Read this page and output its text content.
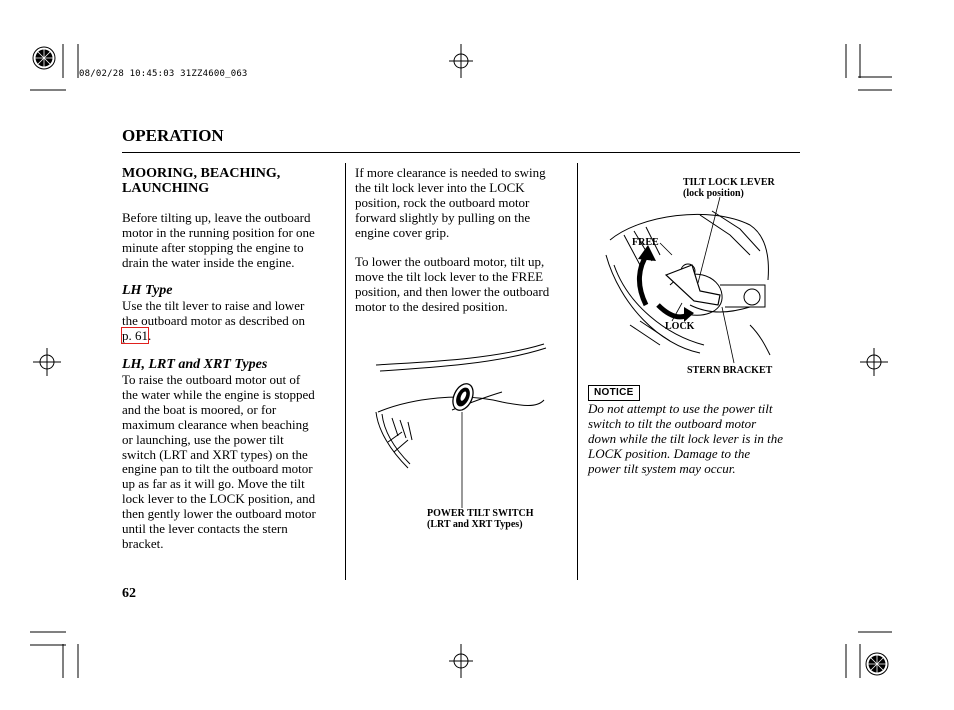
08/02/28 10:45:03 31ZZ4600_063
OPERATION
MOORING, BEACHING,
LAUNCHING
Before tilting up, leave the outboard
motor in the running position for one
minute after stopping the engine to
drain the water inside the engine.
LH Type
Use the tilt lever to raise and lower
the outboard motor as described on
p. 61.
LH, LRT and XRT Types
To raise the outboard motor out of
the water while the engine is stopped
and the boat is moored, or for
maximum clearance when beaching
or launching, use the power tilt
switch (LRT and XRT types) on the
engine pan to tilt the outboard motor
up as far as it will go. Move the tilt
lock lever to the LOCK position, and
then gently lower the outboard motor
until the lever contacts the stern
bracket.
If more clearance is needed to swing
the tilt lock lever into the LOCK
position, rock the outboard motor
forward slightly by pulling on the
engine cover grip.
To lower the outboard motor, tilt up,
move the tilt lock lever to the FREE
position, and then lower the outboard
motor to the desired position.
POWER TILT SWITCH
(LRT and XRT Types)
TILT LOCK LEVER
(lock position)
FREE
LOCK
STERN BRACKET
NOTICE
Do not attempt to use the power tilt
switch to tilt the outboard motor
down while the tilt lock lever is in the
LOCK position. Damage to the
power tilt system may occur.
62
